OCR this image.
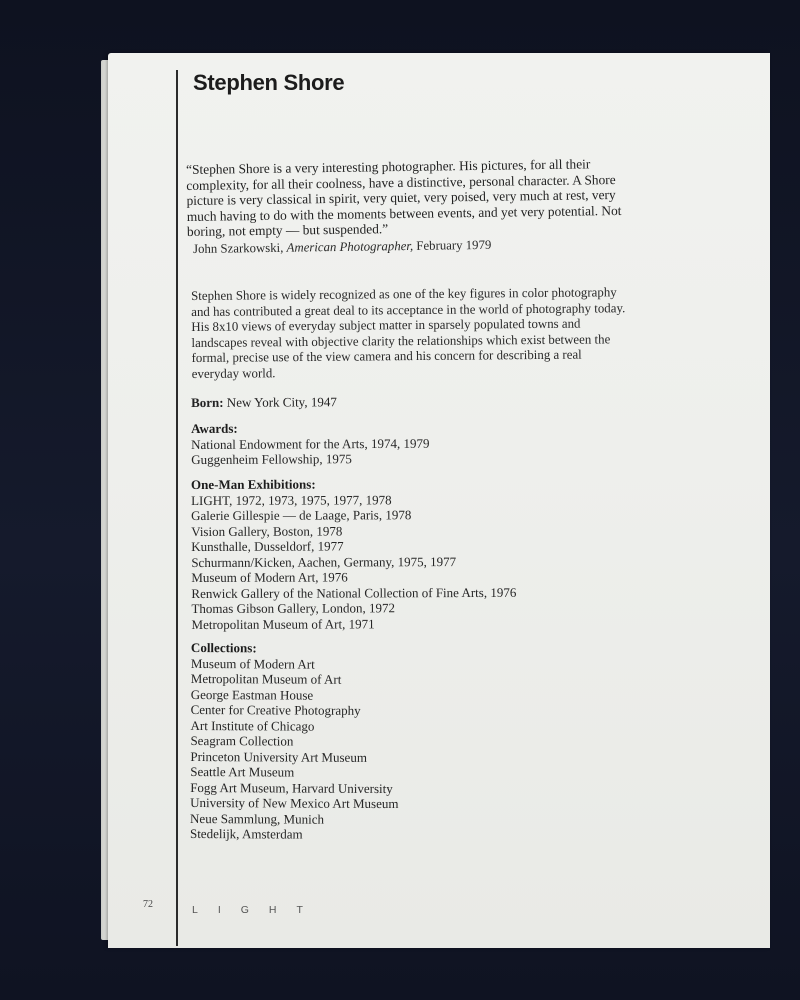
Stephen Shore
“Stephen Shore is a very interesting photographer. His pictures, for all their complexity, for all their coolness, have a distinctive, personal character. A Shore picture is very classical in spirit, very quiet, very poised, very much at rest, very much having to do with the moments between events, and yet very potential. Not boring, not empty — but suspended.”
John Szarkowski, American Photographer, February 1979
Stephen Shore is widely recognized as one of the key figures in color photography and has contributed a great deal to its acceptance in the world of photography today. His 8x10 views of everyday subject matter in sparsely populated towns and landscapes reveal with objective clarity the relationships which exist between the formal, precise use of the view camera and his concern for describing a real everyday world.
Born: New York City, 1947
Awards:
National Endowment for the Arts, 1974, 1979
Guggenheim Fellowship, 1975
One-Man Exhibitions:
LIGHT, 1972, 1973, 1975, 1977, 1978
Galerie Gillespie — de Laage, Paris, 1978
Vision Gallery, Boston, 1978
Kunsthalle, Dusseldorf, 1977
Schurmann/Kicken, Aachen, Germany, 1975, 1977
Museum of Modern Art, 1976
Renwick Gallery of the National Collection of Fine Arts, 1976
Thomas Gibson Gallery, London, 1972
Metropolitan Museum of Art, 1971
Collections:
Museum of Modern Art
Metropolitan Museum of Art
George Eastman House
Center for Creative Photography
Art Institute of Chicago
Seagram Collection
Princeton University Art Museum
Seattle Art Museum
Fogg Art Museum, Harvard University
University of New Mexico Art Museum
Neue Sammlung, Munich
Stedelijk, Amsterdam
72	LIGHT
